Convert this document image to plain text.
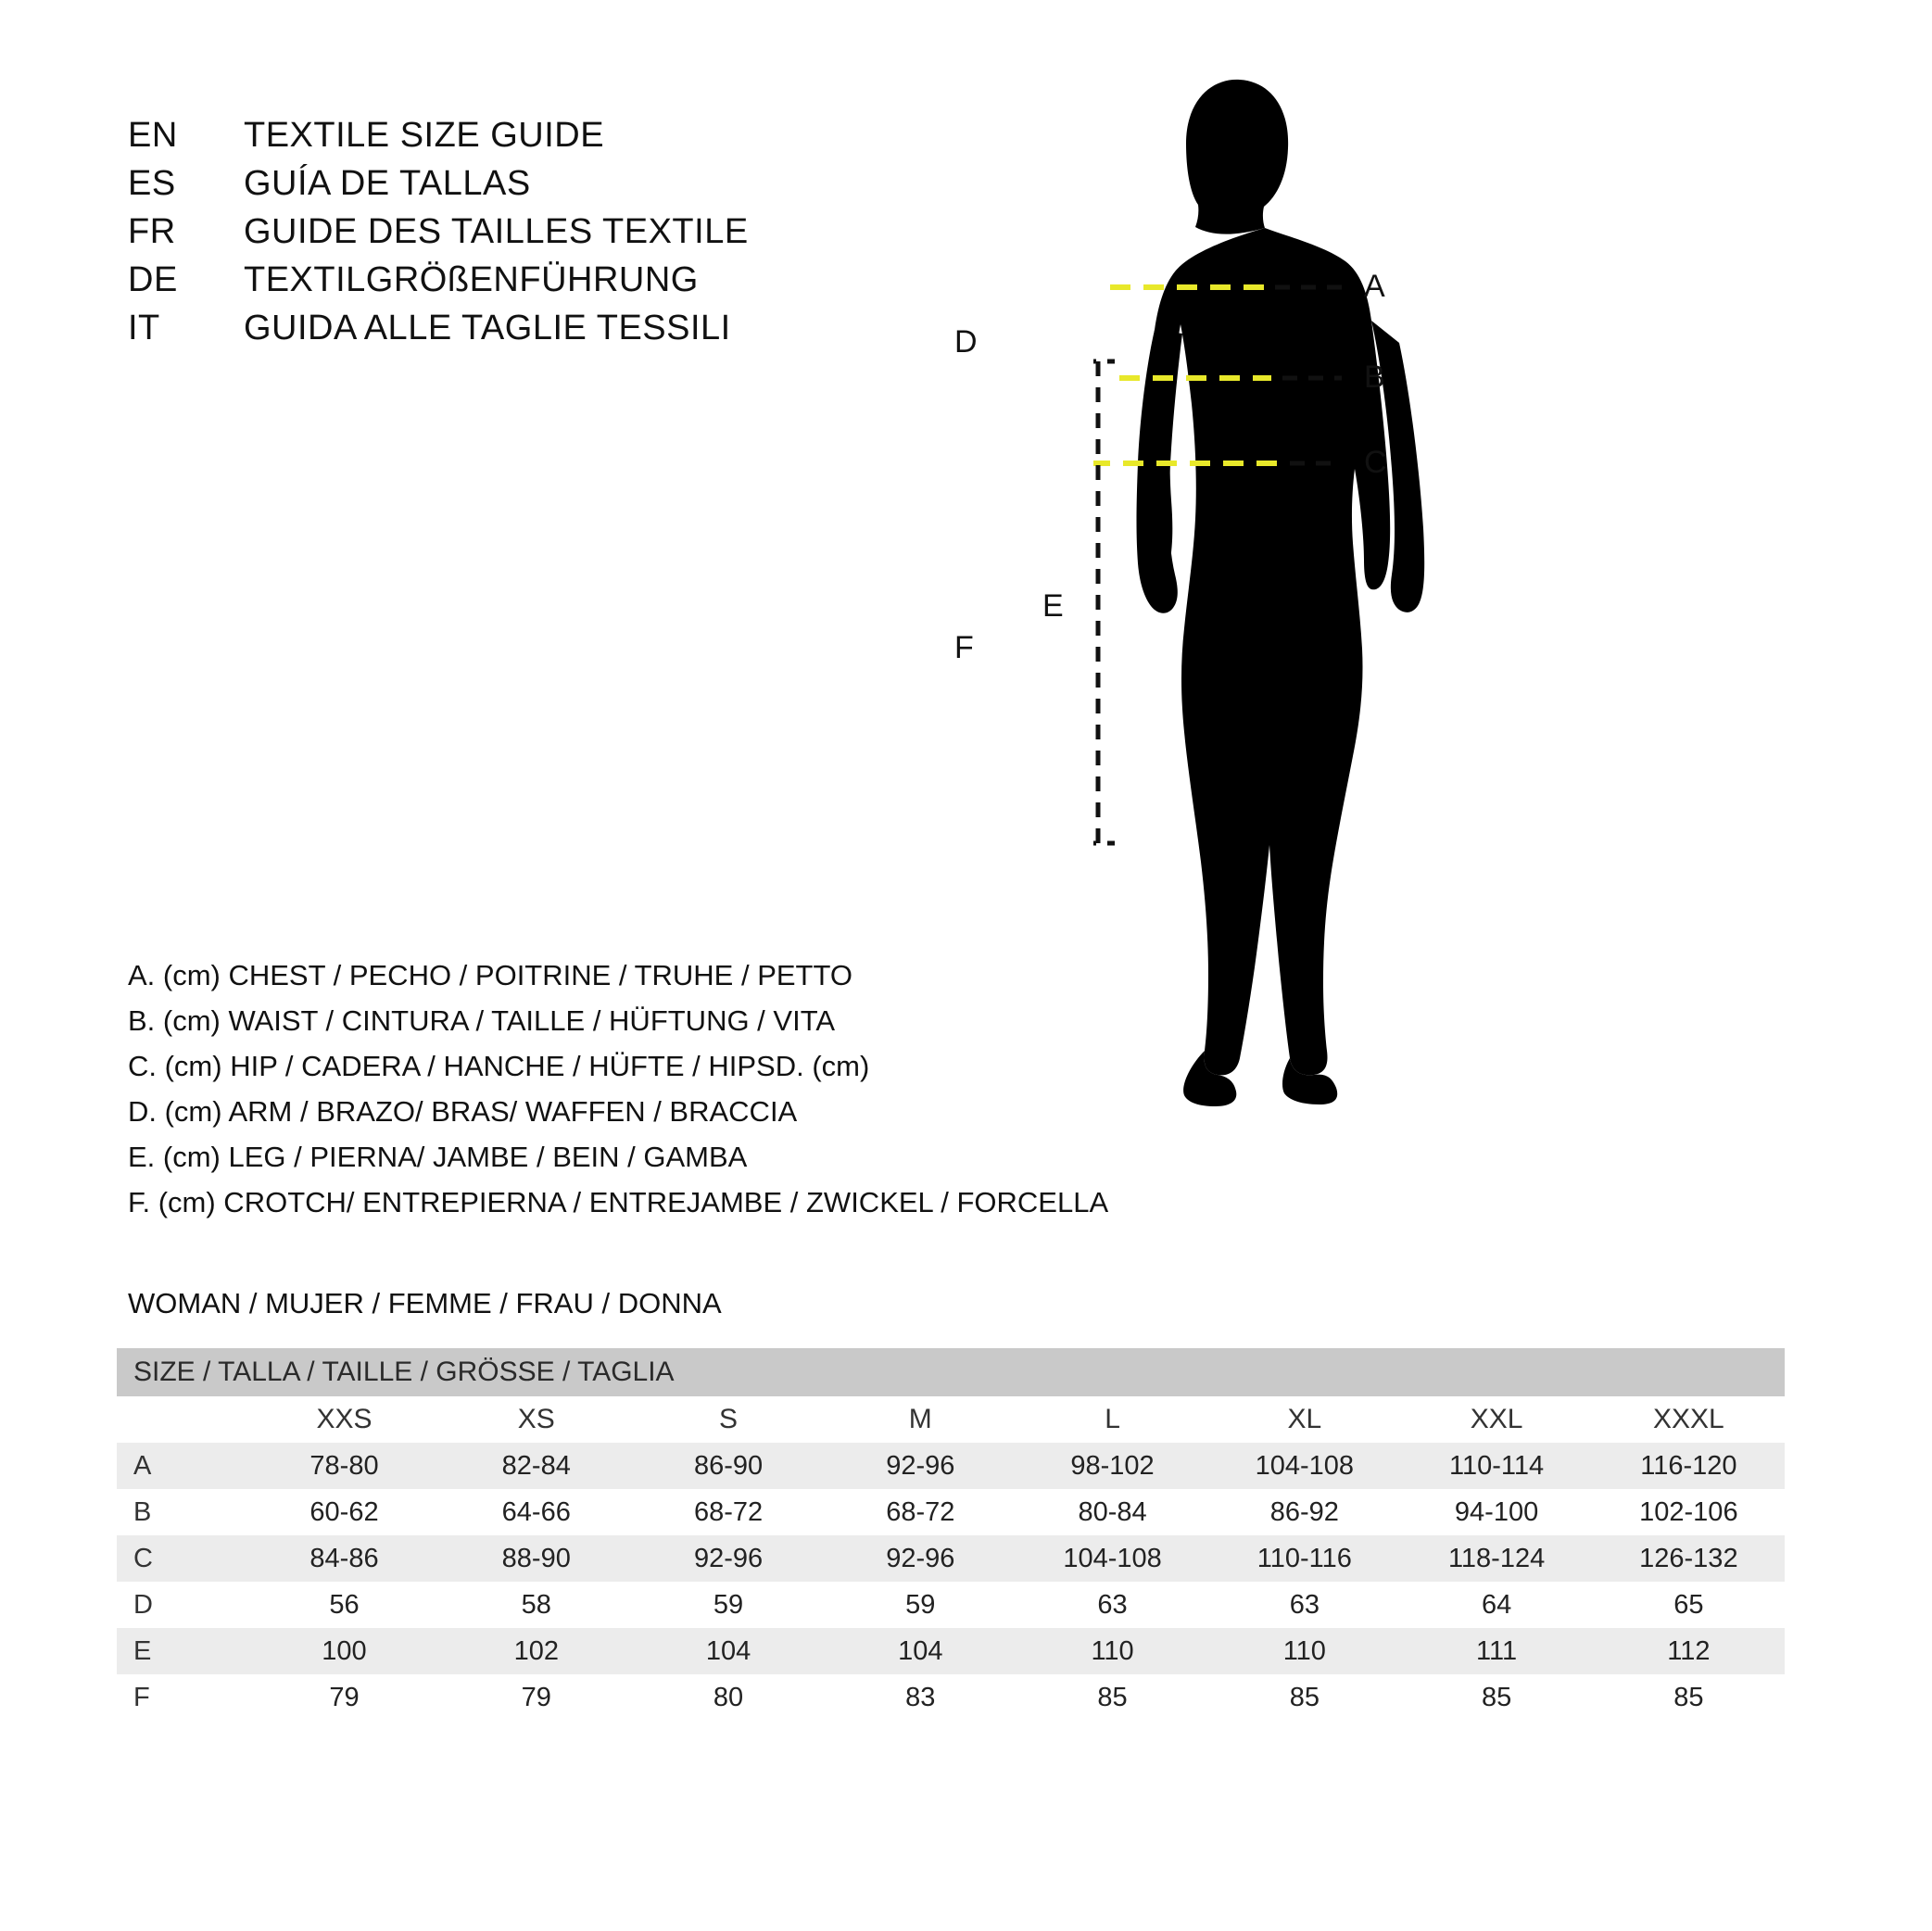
EN	TEXTILE SIZE GUIDE
ES	GUÍA DE TALLAS
FR	GUIDE DES TAILLES TEXTILE
DE	TEXTILGRÖßENFÜHRUNG
IT	GUIDA ALLE TAGLIE TESSILI
A. (cm) CHEST / PECHO / POITRINE / TRUHE / PETTO
B. (cm) WAIST / CINTURA / TAILLE / HÜFTUNG / VITA
C. (cm) HIP / CADERA / HANCHE / HÜFTE / HIPSD. (cm)
D. (cm) ARM / BRAZO/ BRAS/ WAFFEN / BRACCIA
E. (cm) LEG / PIERNA/ JAMBE / BEIN / GAMBA
F. (cm) CROTCH/ ENTREPIERNA / ENTREJAMBE / ZWICKEL / FORCELLA
WOMAN / MUJER / FEMME / FRAU / DONNA
SIZE / TALLA / TAILLE / GRÖSSE / TAGLIA								
	XXS	XS	S	M	L	XL	XXL	XXXL
A	78-80	82-84	86-90	92-96	98-102	104-108	110-114	116-120
B	60-62	64-66	68-72	68-72	80-84	86-92	94-100	102-106
C	84-86	88-90	92-96	92-96	104-108	110-116	118-124	126-132
D	56	58	59	59	63	63	64	65
E	100	102	104	104	110	110	111	112
F	79	79	80	83	85	85	85	85
A
B
C
D
E
F
